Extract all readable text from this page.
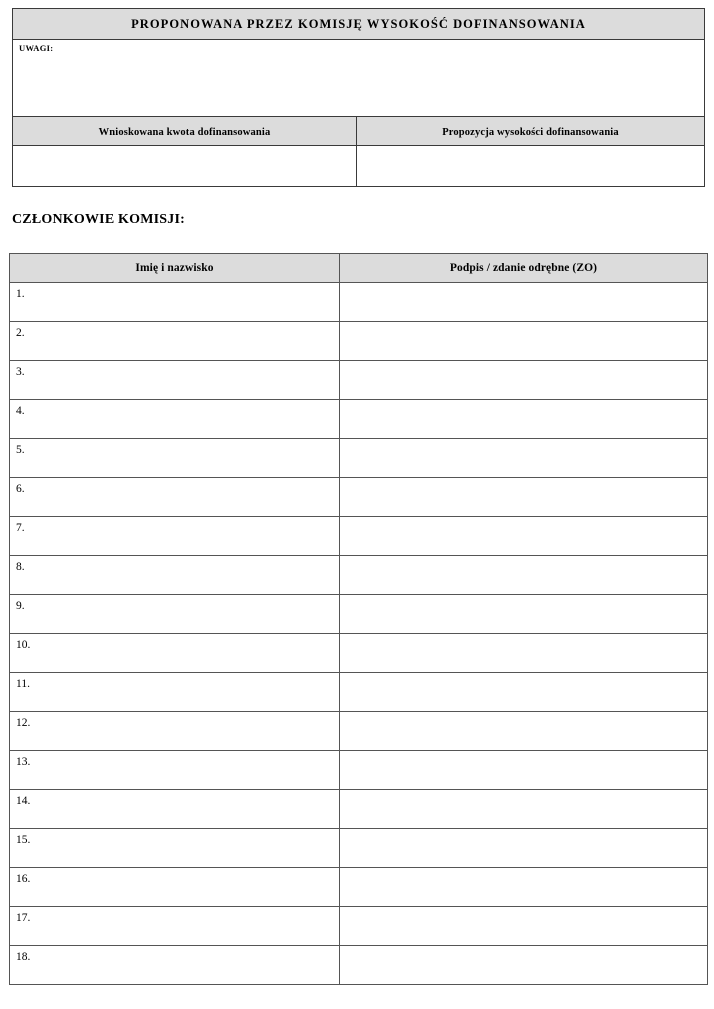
PROPONOWANA PRZEZ KOMISJĘ WYSOKOŚĆ DOFINANSOWANIA	

UWAGI:	

Wnioskowana kwota dofinansowania	Propozycja wysokości dofinansowania

CZŁONKOWIE KOMISJI:
Imię i nazwisko	Podpis / zdanie odrębne (ZO)

1.	

2.	

3.	

4.	

5.	

6.	

7.	

8.	

9.	

10.	

11.	

12.	

13.	

14.	

15.	

16.	

17.	

18.	
